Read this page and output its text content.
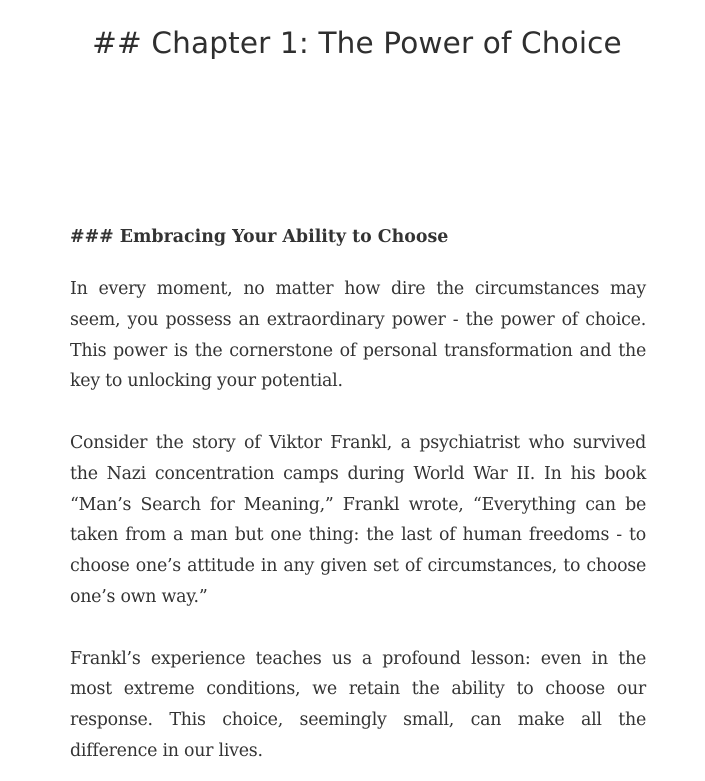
## Chapter 1: The Power of Choice
### Embracing Your Ability to Choose

In every moment, no matter how dire the circumstances may seem, you possess an extraordinary power - the power of choice. This power is the cornerstone of personal transformation and the key to unlocking your potential.

Consider the story of Viktor Frankl, a psychiatrist who survived the Nazi concentration camps during World War II. In his book “Man’s Search for Meaning,” Frankl wrote, “Everything can be taken from a man but one thing: the last of human freedoms - to choose one’s attitude in any given set of circumstances, to choose one’s own way.”

Frankl’s experience teaches us a profound lesson: even in the most extreme conditions, we retain the ability to choose our response. This choice, seemingly small, can make all the difference in our lives.
